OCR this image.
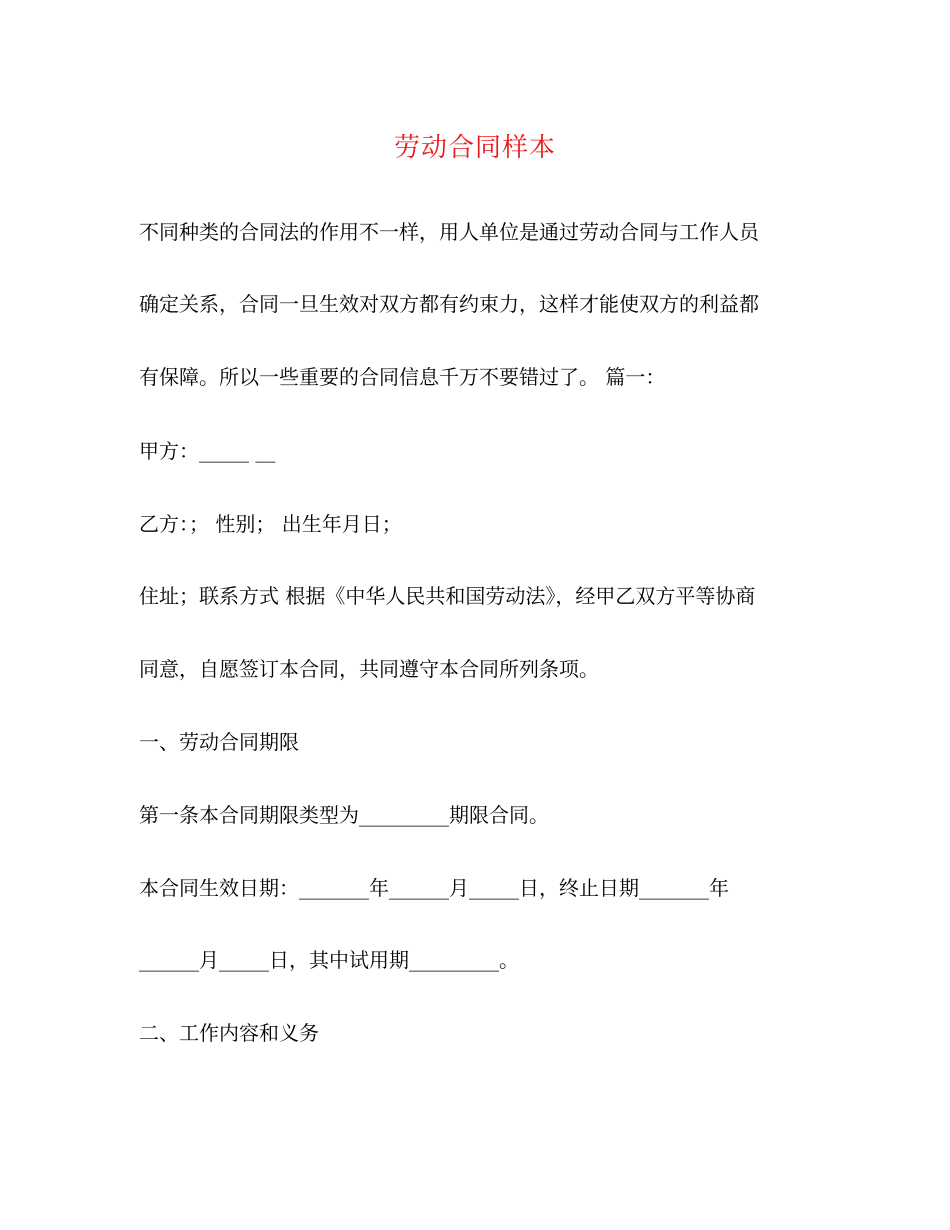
劳动合同样本
不同种类的合同法的作用不一样，用人单位是通过劳动合同与工作人员
确定关系，合同一旦生效对双方都有约束力，这样才能使双方的利益都
有保障。所以一些重要的合同信息千万不要错过了。 篇一：
甲方：_____ __
乙方：； 性别； 出生年月日；
住址；联系方式 根据《中华人民共和国劳动法》，经甲乙双方平等协商
同意，自愿签订本合同，共同遵守本合同所列条项。
一、劳动合同期限
第一条本合同期限类型为_________期限合同。
本合同生效日期：_______年______月_____日，终止日期_______年
______月_____日，其中试用期_________。
二、工作内容和义务
